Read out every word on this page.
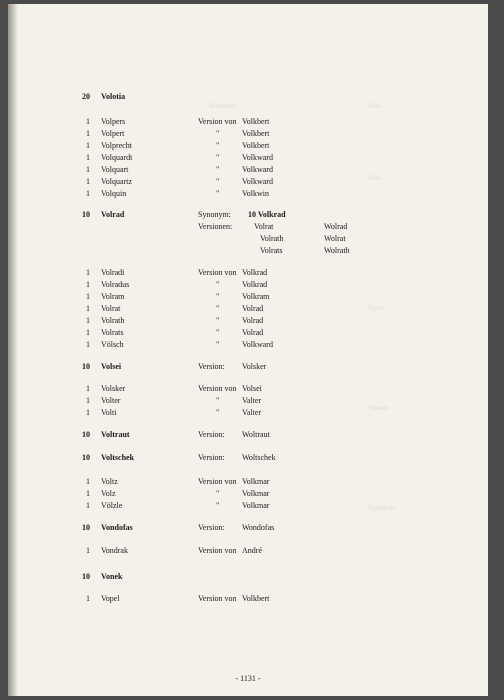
Versionen	Vara
Varo
Vasco
Vassere
Vastolino
20 Volotia
1 Volpers	Version von Volkbert
1 Volpert	"	Volkbert
1 Volprecht	"	Volkbert
1 Volquardt	"	Volkward
1 Volquart	"	Volkward
1 Volquartz	"	Volkward
1 Volquin	"	Volkwin
10 Volrad	Synonym: 10 Volkrad
Versionen:	Volrat	Wolrad
Volrath	Wolrat
Volrats	Wolrath
1 Volradi	Version von Volkrad
1 Volradus	"	Volkrad
1 Volram	"	Volkram
1 Volrat	"	Volrad
1 Volrath	"	Volrad
1 Volrats	"	Volrad
1 Völsch	"	Volkward
10 Volsei	Version: Volsker
1 Volsker	Version von Volsei
1 Volter	"	Valter
1 Volti	"	Valter
10 Voltraut	Version: Woltraut
10 Voltschek	Version: Woltschek
1 Voltz	Version von Volkmar
1 Volz	"	Volkmar
1 Völzle	"	Volkmar
10 Vondofas	Version: Wondofas
1 Vondrak	Version von André
10 Vonek
1 Vopel	Version von Volkbert
- 1131 -
